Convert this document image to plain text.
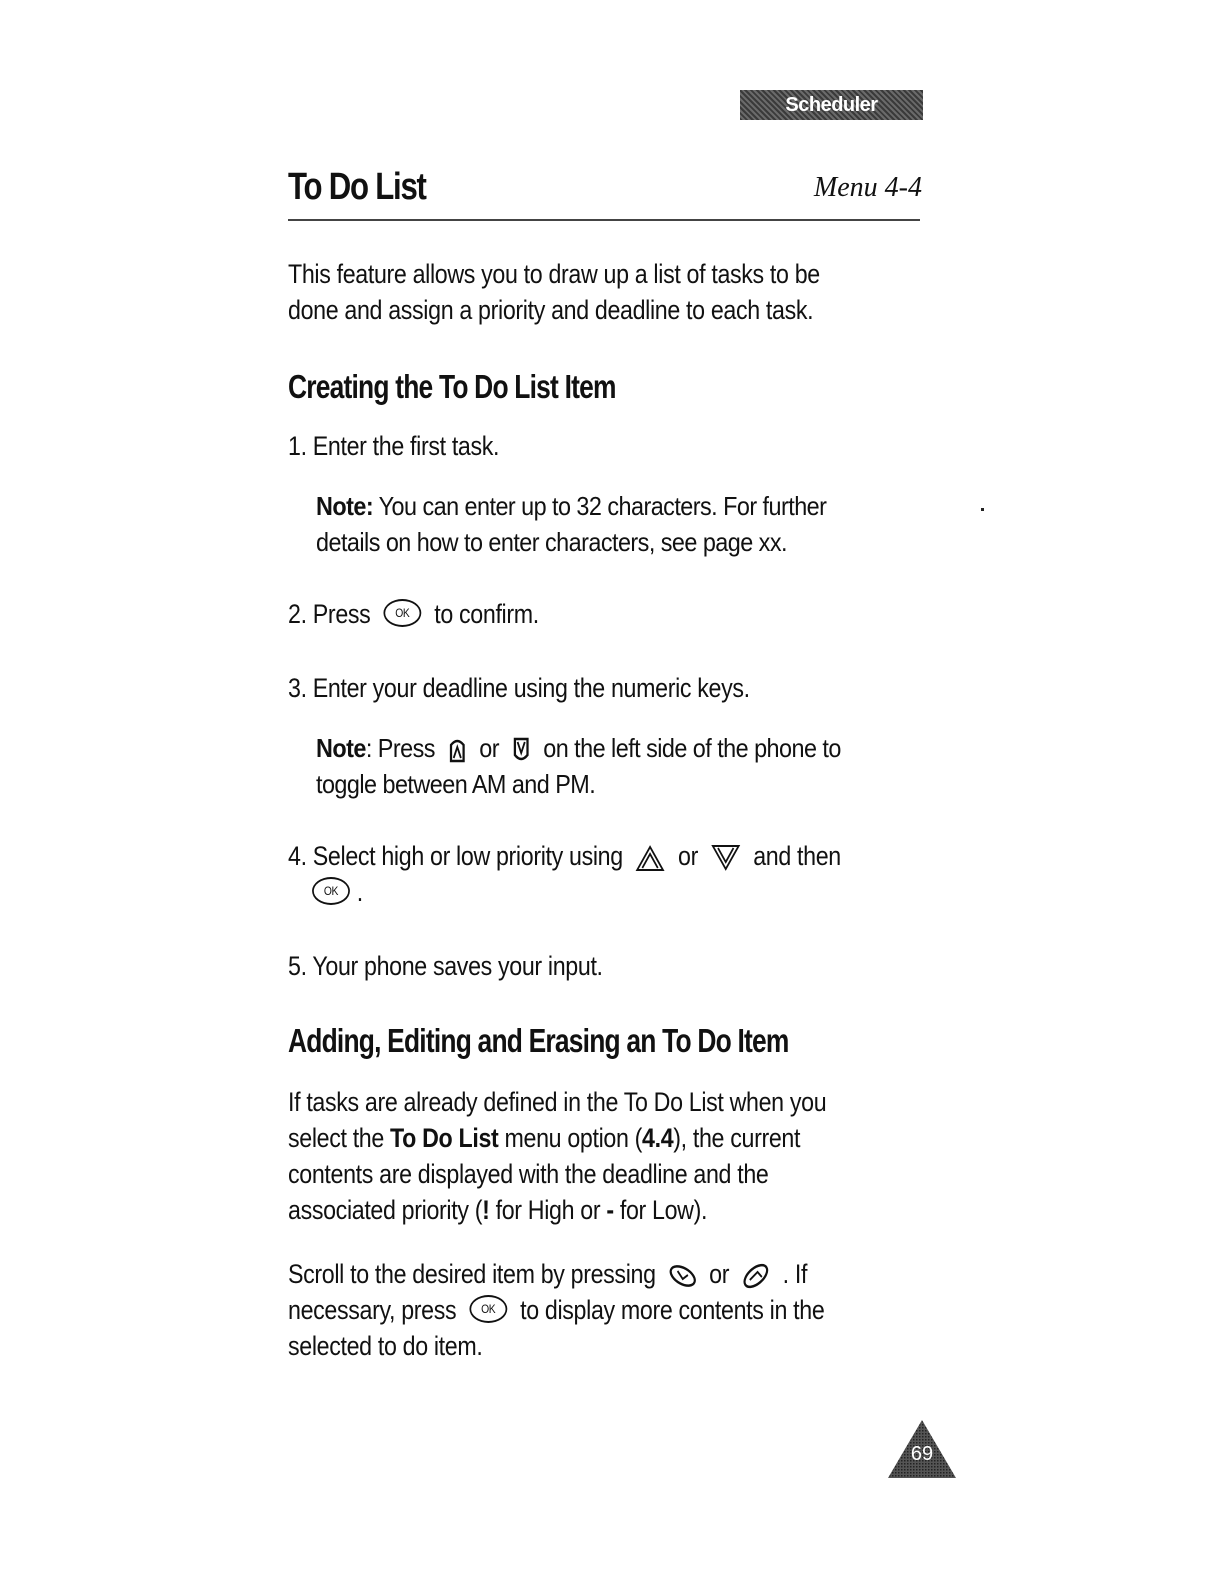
Scheduler
To Do List	Menu 4-4
This feature allows you to draw up a list of tasks to be
done and assign a priority and deadline to each task.
Creating the To Do List Item
1. Enter the first task.
Note: You can enter up to 32 characters. For further
details on how to enter characters, see page xx.
2. Press OK to confirm.
3. Enter your deadline using the numeric keys.
Note: Press or on the left side of the phone to
toggle between AM and PM.
4. Select high or low priority using or and then
OK .
5. Your phone saves your input.
Adding, Editing and Erasing an To Do Item
If tasks are already defined in the To Do List when you
select the To Do List menu option (4.4), the current
contents are displayed with the deadline and the
associated priority (! for High or - for Low).
Scroll to the desired item by pressing or . If
necessary, press OK to display more contents in the
selected to do item.
69
